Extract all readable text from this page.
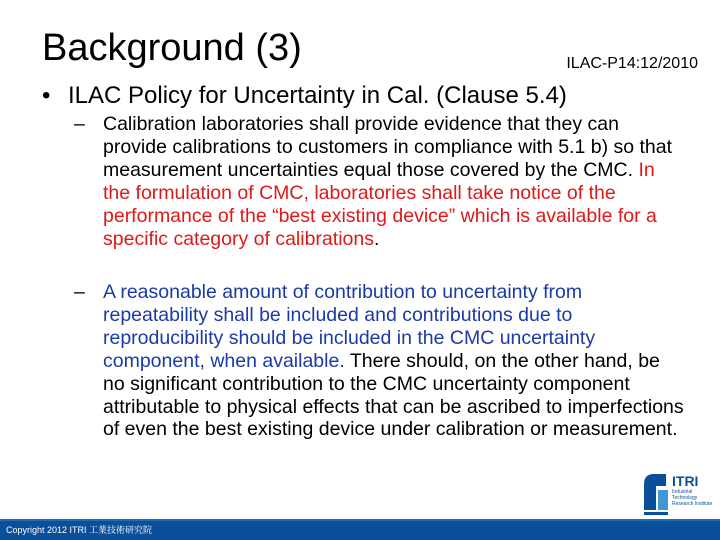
Background (3)	ILAC-P14:12/2010
• ILAC Policy for Uncertainty in Cal. (Clause 5.4)
– Calibration laboratories shall provide evidence that they can provide calibrations to customers in compliance with 5.1 b) so that measurement uncertainties equal those covered by the CMC. In the formulation of CMC, laboratories shall take notice of the performance of the “best existing device” which is available for a specific category of calibrations.
– A reasonable amount of contribution to uncertainty from repeatability shall be included and contributions due to reproducibility should be included in the CMC uncertainty component, when available. There should, on the other hand, be no significant contribution to the CMC uncertainty component attributable to physical effects that can be ascribed to imperfections of even the best existing device under calibration or measurement.
ITRI
Industrial Technology Research Institute
Copyright 2012 ITRI 工業技術研究院
